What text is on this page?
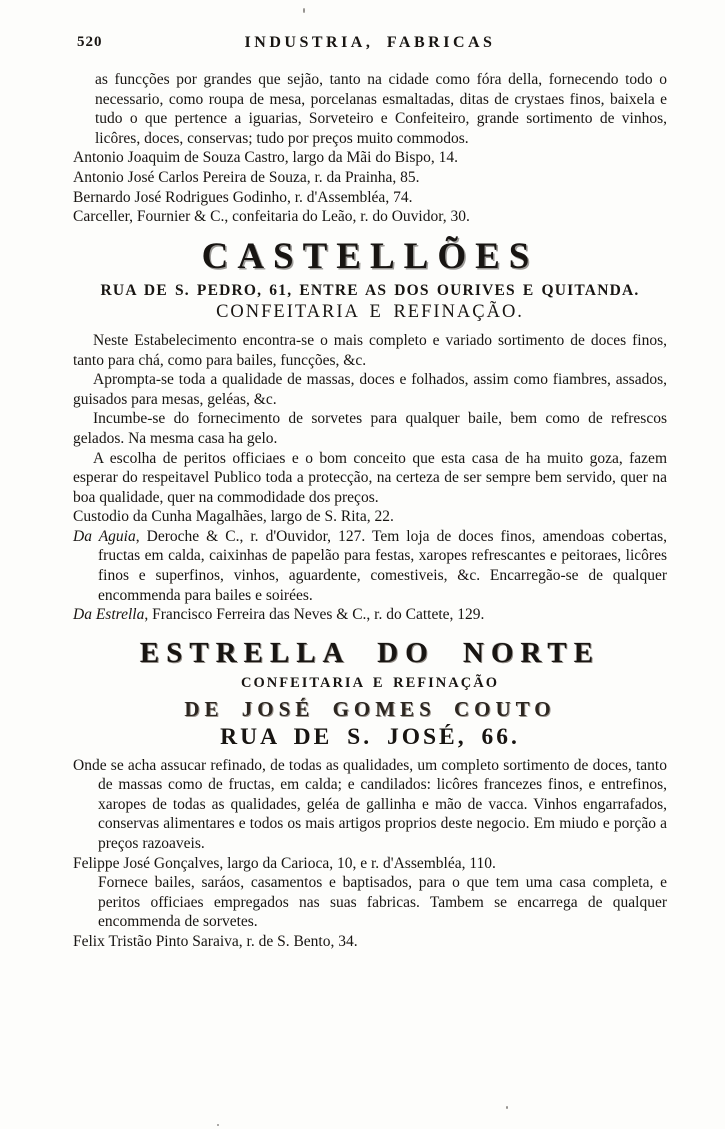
520	INDUSTRIA, FABRICAS

as funcções por grandes que sejão, tanto na cidade como fóra della, fornecendo todo o necessario, como roupa de mesa, porcelanas esmaltadas, ditas de crystaes finos, baixela e tudo o que pertence a iguarias, Sorveteiro e Confeiteiro, grande sortimento de vinhos, licôres, doces, conservas; tudo por preços muito commodos.

Antonio Joaquim de Souza Castro, largo da Mãi do Bispo, 14.

Antonio José Carlos Pereira de Souza, r. da Prainha, 85.

Bernardo José Rodrigues Godinho, r. d'Assembléa, 74.

Carceller, Fournier & C., confeitaria do Leão, r. do Ouvidor, 30.

CASTELLÕES
RUA DE S. PEDRO, 61, ENTRE AS DOS OURIVES E QUITANDA.
CONFEITARIA E REFINAÇÃO.

Neste Estabelecimento encontra-se o mais completo e variado sortimento de doces finos, tanto para chá, como para bailes, funcções, &c.

Aprompta-se toda a qualidade de massas, doces e folhados, assim como fiambres, assados, guisados para mesas, geléas, &c.

Incumbe-se do fornecimento de sorvetes para qualquer baile, bem como de refrescos gelados. Na mesma casa ha gelo.

A escolha de peritos officiaes e o bom conceito que esta casa de ha muito goza, fazem esperar do respeitavel Publico toda a protecção, na certeza de ser sempre bem servido, quer na boa qualidade, quer na commodidade dos preços.

Custodio da Cunha Magalhães, largo de S. Rita, 22.

Da Aguia, Deroche & C., r. d'Ouvidor, 127. Tem loja de doces finos, amendoas cobertas, fructas em calda, caixinhas de papelão para festas, xaropes refrescantes e peitoraes, licôres finos e superfinos, vinhos, aguardente, comestiveis, &c. Encarregão-se de qualquer encommenda para bailes e soirées.

Da Estrella, Francisco Ferreira das Neves & C., r. do Cattete, 129.

ESTRELLA DO NORTE
CONFEITARIA E REFINAÇÃO
DE JOSÉ GOMES COUTO
RUA DE S. JOSÉ, 66.

Onde se acha assucar refinado, de todas as qualidades, um completo sortimento de doces, tanto de massas como de fructas, em calda; e candilados: licôres francezes finos, e entrefinos, xaropes de todas as qualidades, geléa de gallinha e mão de vacca. Vinhos engarrafados, conservas alimentares e todos os mais artigos proprios deste negocio. Em miudo e porção a preços razoaveis.

Felippe José Gonçalves, largo da Carioca, 10, e r. d'Assembléa, 110.

Fornece bailes, saráos, casamentos e baptisados, para o que tem uma casa completa, e peritos officiaes empregados nas suas fabricas. Tambem se encarrega de qualquer encommenda de sorvetes.

Felix Tristão Pinto Saraiva, r. de S. Bento, 34.
